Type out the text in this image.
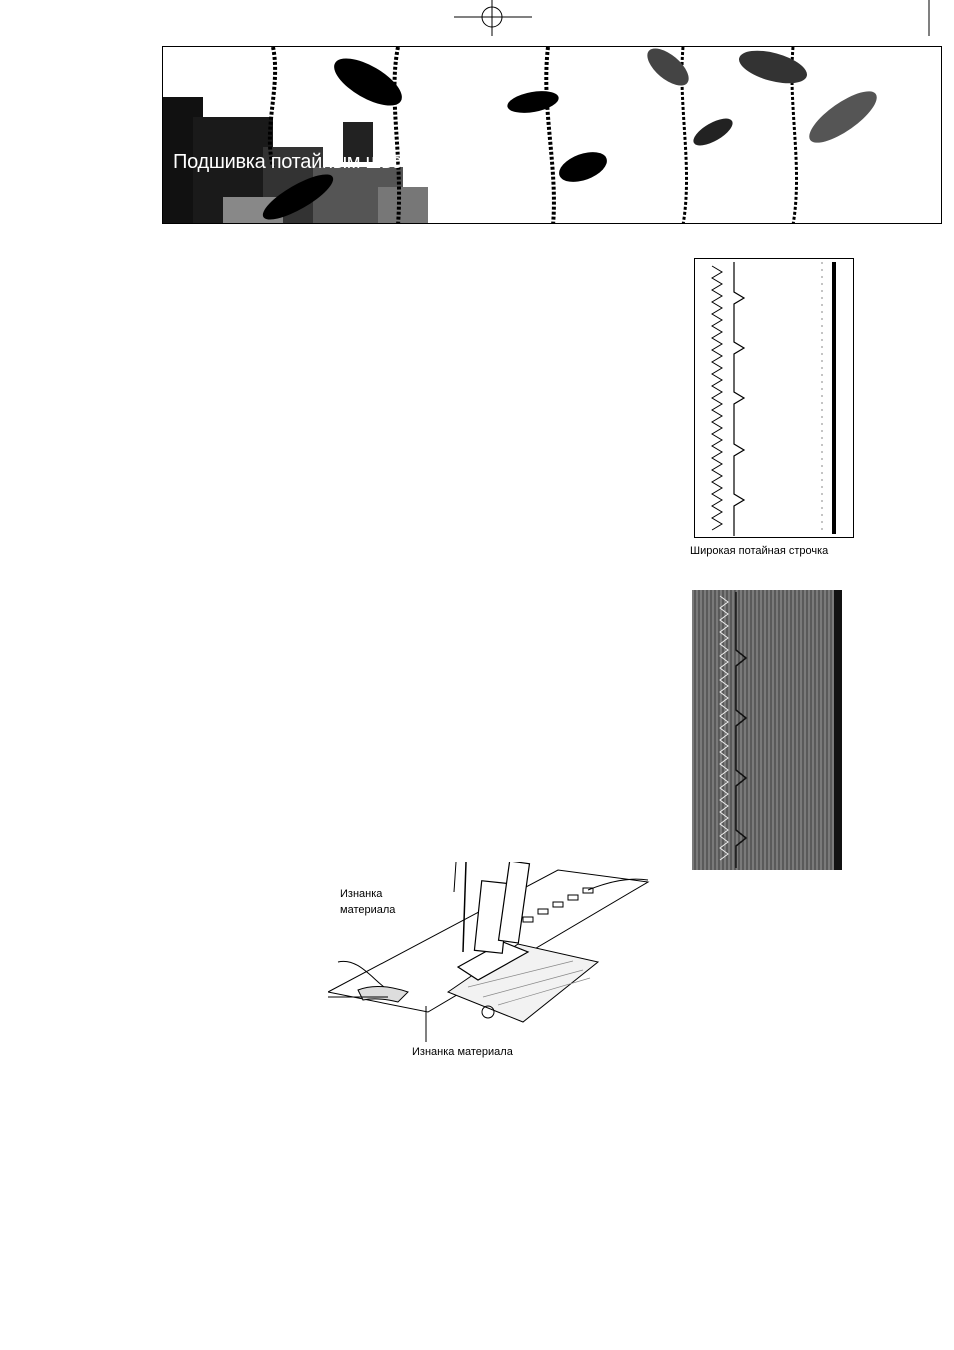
Подшивка потайным швом
Широкая потайная строчка
Изнанка
материала
Изнанка материала
